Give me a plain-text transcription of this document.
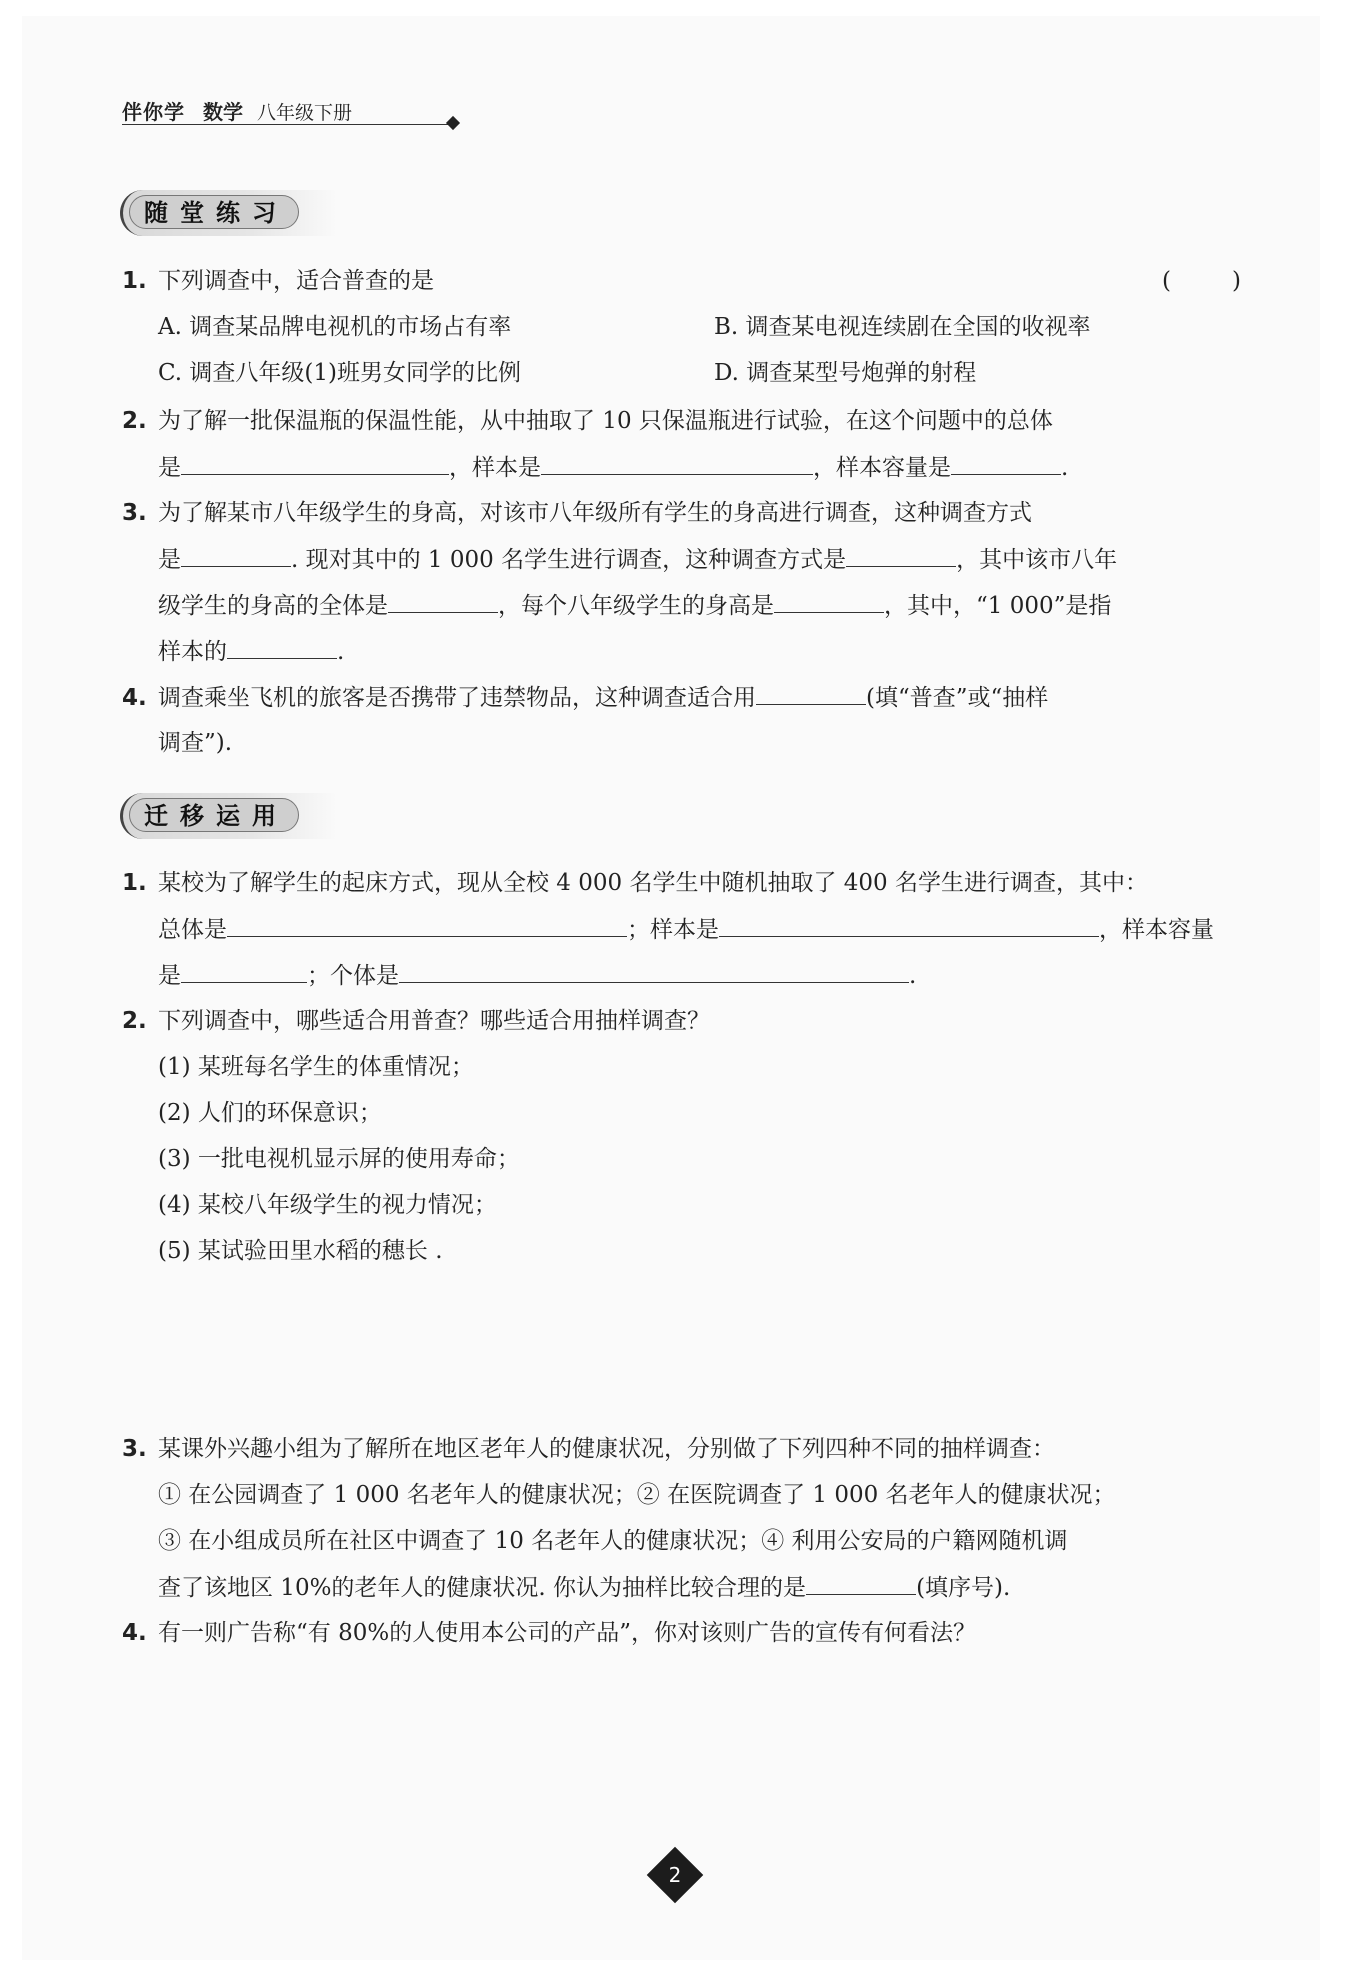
伴你学 数学 八年级下册
随堂练习
1. 下列调查中，适合普查的是	(	)
A. 调查某品牌电视机的市场占有率	B. 调查某电视连续剧在全国的收视率
C. 调查八年级(1)班男女同学的比例	D. 调查某型号炮弹的射程
2. 为了解一批保温瓶的保温性能，从中抽取了 10 只保温瓶进行试验，在这个问题中的总体
是	，样本是	，样本容量是	.
3. 为了解某市八年级学生的身高，对该市八年级所有学生的身高进行调查，这种调查方式
是	. 现对其中的 1 000 名学生进行调查，这种调查方式是	，其中该市八年
级学生的身高的全体是	，每个八年级学生的身高是	，其中，“1 000”是指
样本的	.
4. 调查乘坐飞机的旅客是否携带了违禁物品，这种调查适合用	(填“普查”或“抽样
调查”).
迁移运用
1. 某校为了解学生的起床方式，现从全校 4 000 名学生中随机抽取了 400 名学生进行调查，其中：
总体是	；样本是	，样本容量
是	；个体是	.
2. 下列调查中，哪些适合用普查？哪些适合用抽样调查？
(1) 某班每名学生的体重情况；
(2) 人们的环保意识；
(3) 一批电视机显示屏的使用寿命；
(4) 某校八年级学生的视力情况；
(5) 某试验田里水稻的穗长 .
3. 某课外兴趣小组为了解所在地区老年人的健康状况，分别做了下列四种不同的抽样调查：
① 在公园调查了 1 000 名老年人的健康状况；② 在医院调查了 1 000 名老年人的健康状况；
③ 在小组成员所在社区中调查了 10 名老年人的健康状况；④ 利用公安局的户籍网随机调
查了该地区 10%的老年人的健康状况. 你认为抽样比较合理的是	(填序号).
4. 有一则广告称“有 80%的人使用本公司的产品”，你对该则广告的宣传有何看法？
2
